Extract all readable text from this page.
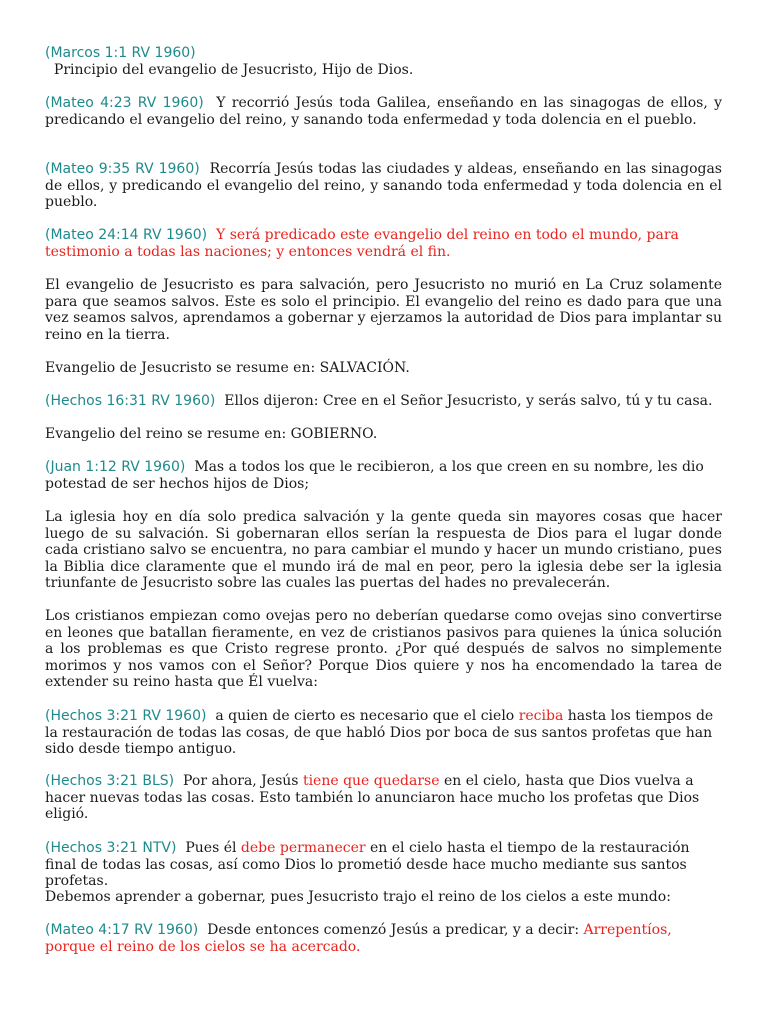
(Marcos 1:1 RV 1960)
Principio del evangelio de Jesucristo, Hijo de Dios.
(Mateo 4:23 RV 1960) Y recorrió Jesús toda Galilea, enseñando en las sinagogas de ellos, y predicando el evangelio del reino, y sanando toda enfermedad y toda dolencia en el pueblo.
(Mateo 9:35 RV 1960) Recorría Jesús todas las ciudades y aldeas, enseñando en las sinagogas de ellos, y predicando el evangelio del reino, y sanando toda enfermedad y toda dolencia en el pueblo.
(Mateo 24:14 RV 1960) Y será predicado este evangelio del reino en todo el mundo, para testimonio a todas las naciones; y entonces vendrá el fin.
El evangelio de Jesucristo es para salvación, pero Jesucristo no murió en La Cruz solamente para que seamos salvos. Este es solo el principio. El evangelio del reino es dado para que una vez seamos salvos, aprendamos a gobernar y ejerzamos la autoridad de Dios para implantar su reino en la tierra.
Evangelio de Jesucristo se resume en: SALVACIÓN.
(Hechos 16:31 RV 1960) Ellos dijeron: Cree en el Señor Jesucristo, y serás salvo, tú y tu casa.
Evangelio del reino se resume en: GOBIERNO.
(Juan 1:12 RV 1960) Mas a todos los que le recibieron, a los que creen en su nombre, les dio potestad de ser hechos hijos de Dios;
La iglesia hoy en día solo predica salvación y la gente queda sin mayores cosas que hacer luego de su salvación. Si gobernaran ellos serían la respuesta de Dios para el lugar donde cada cristiano salvo se encuentra, no para cambiar el mundo y hacer un mundo cristiano, pues la Biblia dice claramente que el mundo irá de mal en peor, pero la iglesia debe ser la iglesia triunfante de Jesucristo sobre las cuales las puertas del hades no prevalecerán.
Los cristianos empiezan como ovejas pero no deberían quedarse como ovejas sino convertirse en leones que batallan fieramente, en vez de cristianos pasivos para quienes la única solución a los problemas es que Cristo regrese pronto. ¿Por qué después de salvos no simplemente morimos y nos vamos con el Señor? Porque Dios quiere y nos ha encomendado la tarea de extender su reino hasta que Él vuelva:
(Hechos 3:21 RV 1960) a quien de cierto es necesario que el cielo reciba hasta los tiempos de la restauración de todas las cosas, de que habló Dios por boca de sus santos profetas que han sido desde tiempo antiguo.
(Hechos 3:21 BLS) Por ahora, Jesús tiene que quedarse en el cielo, hasta que Dios vuelva a hacer nuevas todas las cosas. Esto también lo anunciaron hace mucho los profetas que Dios eligió.
(Hechos 3:21 NTV) Pues él debe permanecer en el cielo hasta el tiempo de la restauración final de todas las cosas, así como Dios lo prometió desde hace mucho mediante sus santos profetas.
Debemos aprender a gobernar, pues Jesucristo trajo el reino de los cielos a este mundo:
(Mateo 4:17 RV 1960) Desde entonces comenzó Jesús a predicar, y a decir: Arrepentíos, porque el reino de los cielos se ha acercado.
